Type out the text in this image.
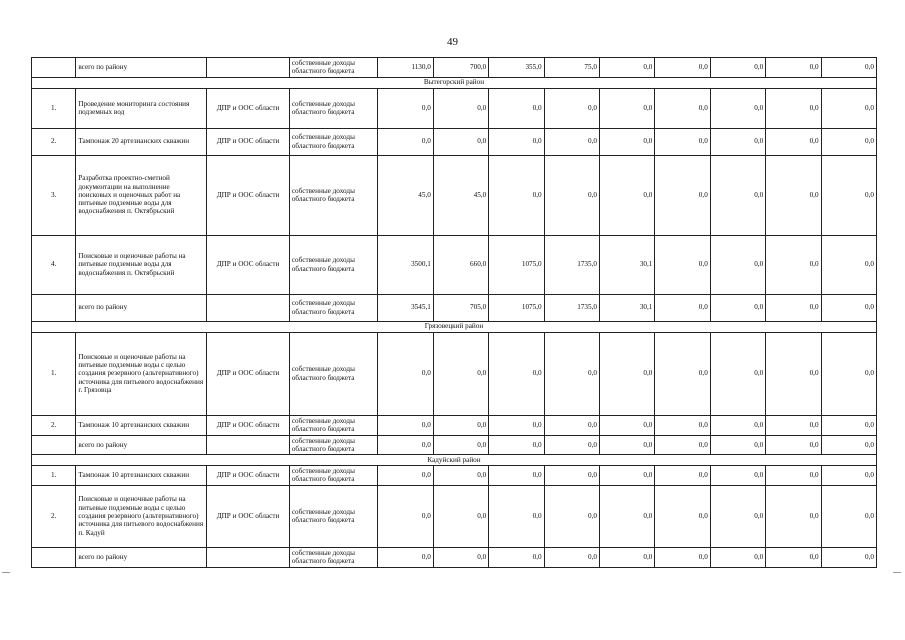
49
	всего по району		собственные доходы областного бюджета	1130,0	700,0	355,0	75,0	0,0	0,0	0,0	0,0	0,0
Вытегорский район												
1.	Проведение мониторинга состояния подземных вод	ДПР и ООС области	собственные доходы областного бюджета	0,0	0,0	0,0	0,0	0,0	0,0	0,0	0,0	0,0
2.	Тампонаж 20 артезианских скважин	ДПР и ООС области	собственные доходы областного бюджета	0,0	0,0	0,0	0,0	0,0	0,0	0,0	0,0	0,0
3.	Разработка проектно-сметной документации на выполнение поисковых и оценочных работ на питьевые подземные воды для водоснабжения п. Октябрьский	ДПР и ООС области	собственные доходы областного бюджета	45,0	45,0	0,0	0,0	0,0	0,0	0,0	0,0	0,0
4.	Поисковые и оценочные работы на питьевые подземные воды для водоснабжения п. Октябрьский	ДПР и ООС области	собственные доходы областного бюджета	3500,1	660,0	1075,0	1735,0	30,1	0,0	0,0	0,0	0,0
	всего по району		собственные доходы областного бюджета	3545,1	705,0	1075,0	1735,0	30,1	0,0	0,0	0,0	0,0
Грязовецкий район												
1.	Поисковые и оценочные работы на питьевые подземные воды с целью создания резервного (альтернативного) источника для питьевого водоснабжения г. Грязовца	ДПР и ООС области	собственные доходы областного бюджета	0,0	0,0	0,0	0,0	0,0	0,0	0,0	0,0	0,0
2.	Тампонаж 10 артезианских скважин	ДПР и ООС области	собственные доходы областного бюджета	0,0	0,0	0,0	0,0	0,0	0,0	0,0	0,0	0,0
	всего по району		собственные доходы областного бюджета	0,0	0,0	0,0	0,0	0,0	0,0	0,0	0,0	0,0
Кадуйский район												
1.	Тампонаж 10 артезианских скважин	ДПР и ООС области	собственные доходы областного бюджета	0,0	0,0	0,0	0,0	0,0	0,0	0,0	0,0	0,0
2.	Поисковые и оценочные работы на питьевые подземные воды с целью создания резервного (альтернативного) источника для питьевого водоснабжения п. Кадуй	ДПР и ООС области	собственные доходы областного бюджета	0,0	0,0	0,0	0,0	0,0	0,0	0,0	0,0	0,0
	всего по району		собственные доходы областного бюджета	0,0	0,0	0,0	0,0	0,0	0,0	0,0	0,0	0,0
